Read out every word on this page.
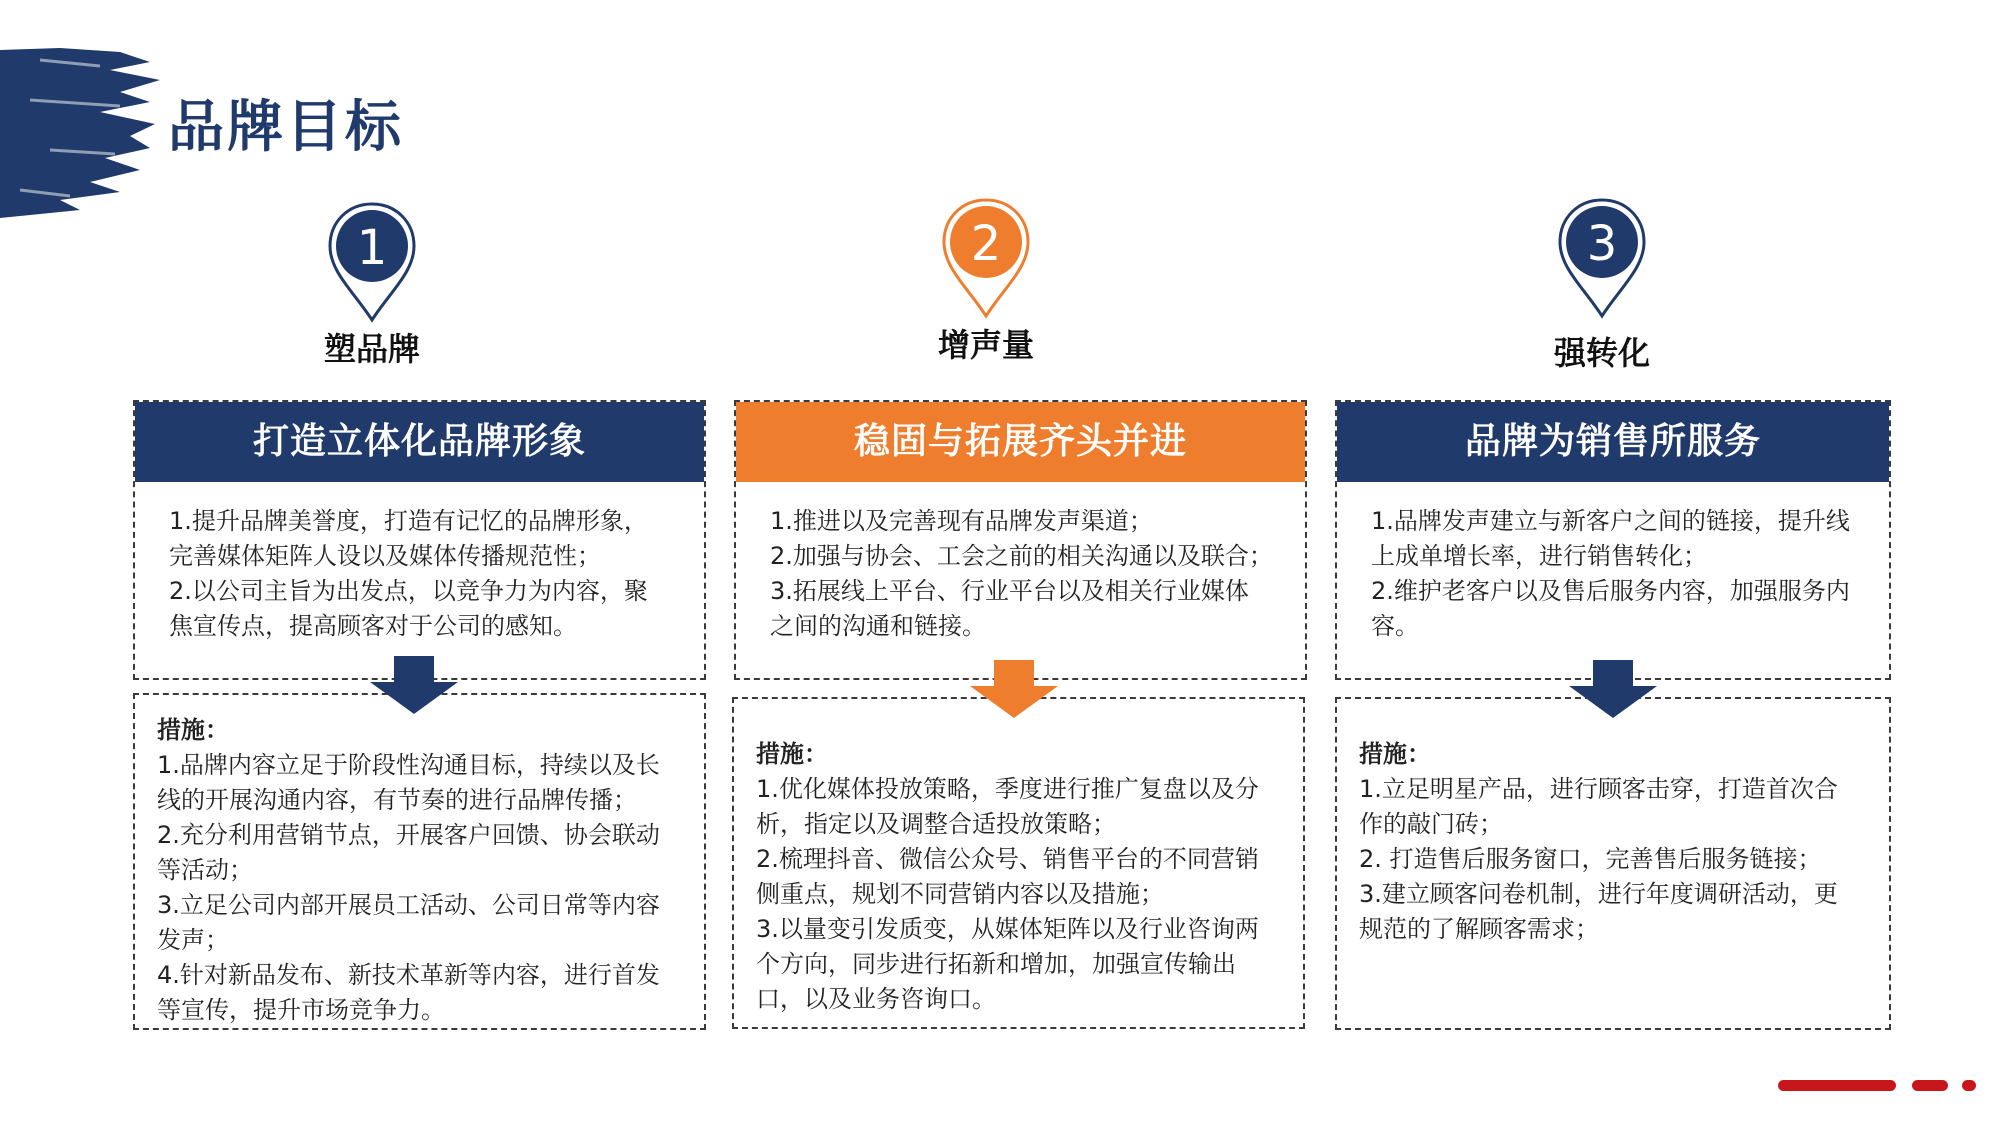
品牌目标
1
塑品牌
打造立体化品牌形象
1.提升品牌美誉度，打造有记忆的品牌形象，
完善媒体矩阵人设以及媒体传播规范性；
2.以公司主旨为出发点，以竞争力为内容，聚
焦宣传点，提高顾客对于公司的感知。
措施：
1.品牌内容立足于阶段性沟通目标，持续以及长
线的开展沟通内容，有节奏的进行品牌传播；
2.充分利用营销节点，开展客户回馈、协会联动
等活动；
3.立足公司内部开展员工活动、公司日常等内容
发声；
4.针对新品发布、新技术革新等内容，进行首发
等宣传，提升市场竞争力。
2
增声量
稳固与拓展齐头并进
1.推进以及完善现有品牌发声渠道；
2.加强与协会、工会之前的相关沟通以及联合；
3.拓展线上平台、行业平台以及相关行业媒体
之间的沟通和链接。
措施：
1.优化媒体投放策略，季度进行推广复盘以及分
析，指定以及调整合适投放策略；
2.梳理抖音、微信公众号、销售平台的不同营销
侧重点，规划不同营销内容以及措施；
3.以量变引发质变，从媒体矩阵以及行业咨询两
个方向，同步进行拓新和增加，加强宣传输出
口，以及业务咨询口。
3
强转化
品牌为销售所服务
1.品牌发声建立与新客户之间的链接，提升线
上成单增长率，进行销售转化；
2.维护老客户以及售后服务内容，加强服务内
容。
措施：
1.立足明星产品，进行顾客击穿，打造首次合
作的敲门砖；
2. 打造售后服务窗口，完善售后服务链接；
3.建立顾客问卷机制，进行年度调研活动，更
规范的了解顾客需求；
